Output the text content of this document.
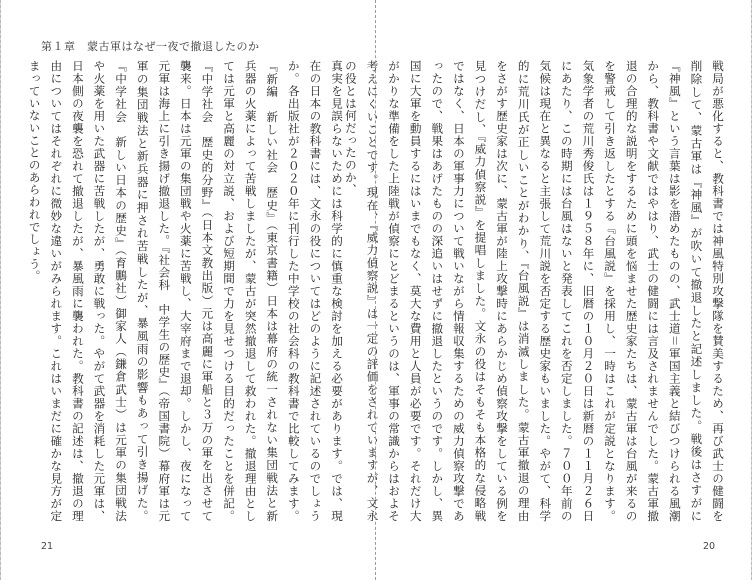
第１章　蒙古軍はなぜ一夜で撤退したのか
真実を見誤らないためには科学的に慎重な検討を加える必要があります。では、現在の日本の教科書には、文永の役についてはどのように記述されているのでしょうか。各出版社が２０２０年に刊行した中学校の社会科の教科書で比較してみます。『新編　新しい社会　歴史』（東京書籍）日本は幕府の統一されない集団戦法と新兵器の火薬によって苦戦しましたが、蒙古が突然撤退して救われた。撤退理由としては元軍と高麗の対立説、および短期間で力を見せつける目的だったことを併記。『中学社会　歴史的分野』（日本文教出版）元は高麗に軍船と３万の軍を出させて襲来。日本は元軍の集団戦や火薬に苦戦し、大宰府まで退却。しかし、夜になって元軍は海上に引き揚げ撤退した。『社会科　中学生の歴史』（帝国書院）幕府軍は元軍の集団戦法と新兵器に押され苦戦したが、暴風雨の影響もあって引き揚げた。『中学社会　新しい日本の歴史』（育鵬社）御家人（鎌倉武士）は元軍の集団戦法や火薬を用いた武器に苦戦したが、勇敢に戦った。やがて武器を消耗した元軍は、日本側の夜襲を恐れて撤退したが、暴風雨に襲われた。教科書の記述は、撤退の理由についてはそれぞれに微妙な違いがみられます。これはいまだに確かな見方が定まっていないことのあらわれでしょう。
21
戦局が悪化すると、教科書では神風特別攻撃隊を賛美するため、再び武士の健闘を削除して、蒙古軍は『神風』が吹いて撤退したと記述しました。戦後はさすがに『神風』という言葉は影を潜めたものの、武士道＝軍国主義と結びつけられる風潮から、教科書や文献ではやはり、武士の健闘には言及されませんでした。蒙古軍撤退の合理的な説明をするために頭を悩ませた歴史家たちは、蒙古軍は台風が来るのを警戒して引き返したとする『台風説』を採用し、一時はこれが定説となります。気象学者の荒川秀俊氏は１９５８年に、旧暦の１０月２０日は新暦の１１月２６日にあたり、この時期には台風はないと発表してこれを否定しました。７００年前の気候は現在と異なると主張して荒川説を否定する歴史家もいました。やがて、科学的に荒川氏が正しいことがわかり、『台風説』は消滅しました。蒙古軍撤退の理由をさがす歴史家は次に、蒙古軍が陸上攻撃時にあらかじめ偵察攻撃をしている例を見つけだし、『威力偵察説』を提唱しました。文永の役はそもそも本格的な侵略戦ではなく、日本の軍事力について戦いながら情報収集するための威力偵察攻撃であったので、戦果はあげたものの深追いはせずに撤退したというのです。しかし、異国に大軍を動員するにはいまでもなく、莫大な費用と人員が必要です。それだけ大がかりな準備をした上陸戦が偵察にとどまるというのは、軍事の常識からはおよそ考えにくいことです。現在、『威力偵察説』は一定の評価をされていますが、文永の役とは何だったのか、
20
